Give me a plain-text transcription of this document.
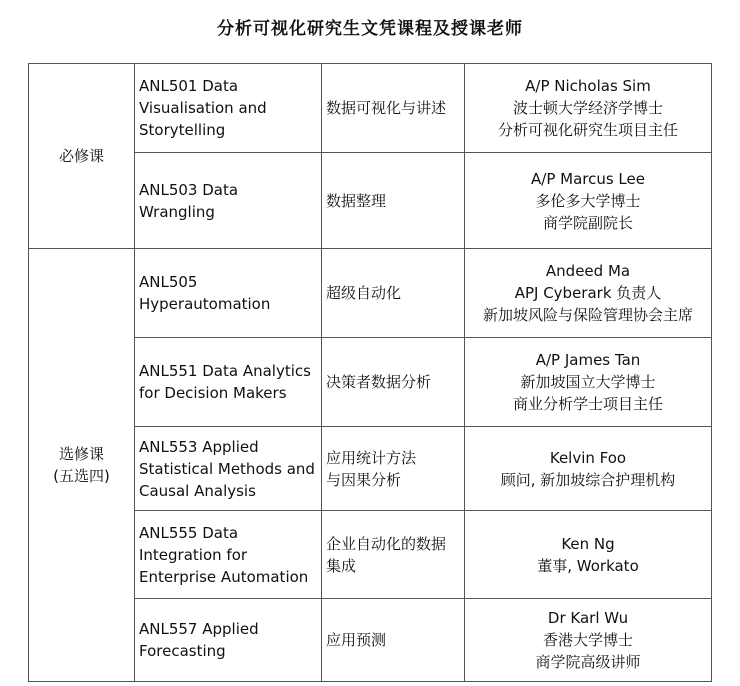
分析可视化研究生文凭课程及授课老师
必修课	ANL501 Data
Visualisation and
Storytelling	数据可视化与讲述	A/P Nicholas Sim
波士顿大学经济学博士
分析可视化研究生项目主任

	ANL503 Data
Wrangling	数据整理	A/P Marcus Lee
多伦多大学博士
商学院副院长

选修课
(五选四)	ANL505
Hyperautomation	超级自动化	Andeed Ma
APJ Cyberark 负责人
新加坡风险与保险管理协会主席

	ANL551 Data Analytics
for Decision Makers	决策者数据分析	A/P James Tan
新加坡国立大学博士
商业分析学士项目主任

	ANL553 Applied
Statistical Methods and
Causal Analysis	应用统计方法
与因果分析	Kelvin Foo
顾问, 新加坡综合护理机构

	ANL555 Data
Integration for
Enterprise Automation	企业自动化的数据
集成	Ken Ng
董事, Workato

	ANL557 Applied
Forecasting	应用预测	Dr Karl Wu
香港大学博士
商学院高级讲师
